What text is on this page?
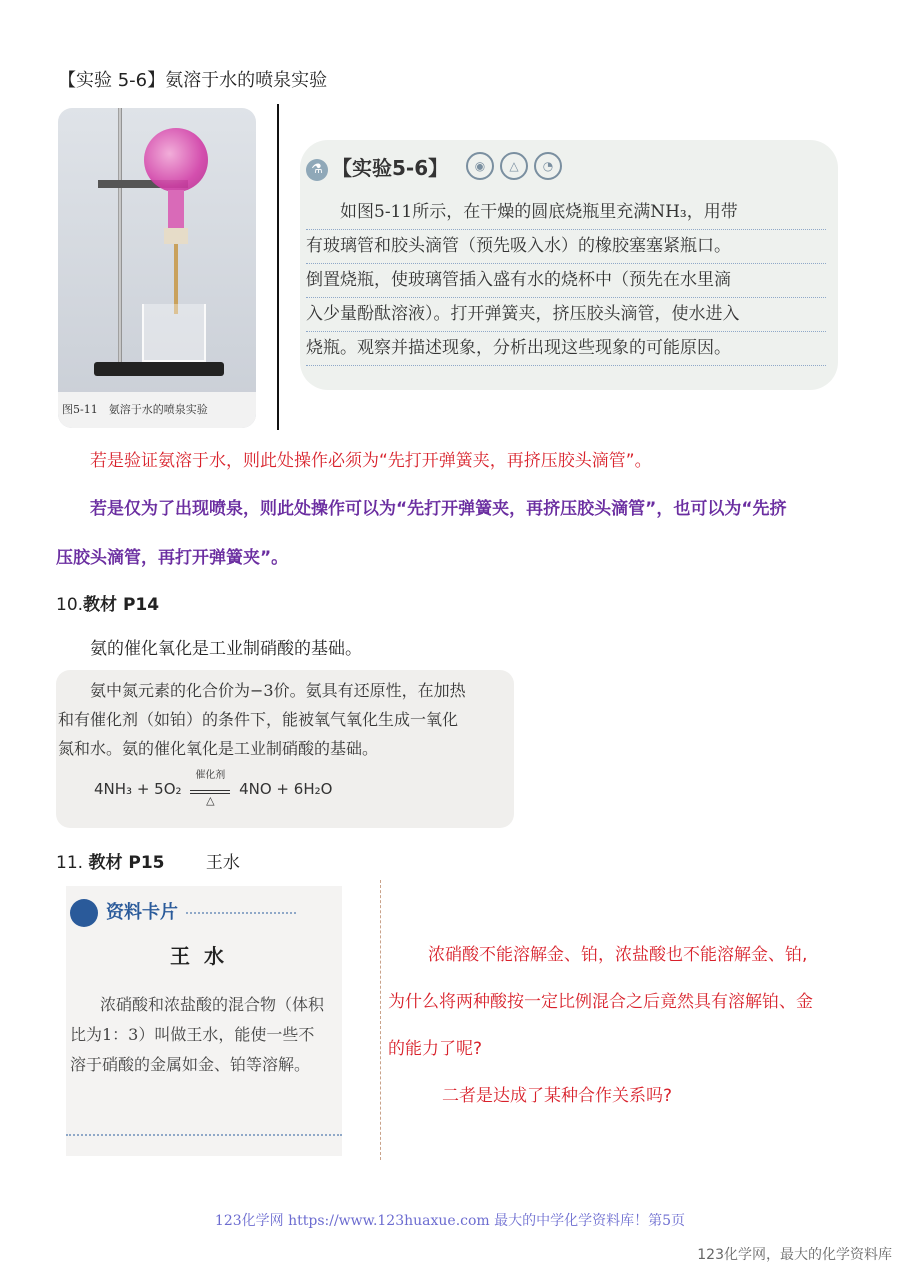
【实验 5-6】氨溶于水的喷泉实验
图5-11　氨溶于水的喷泉实验
⚗ 【实验5-6】	◉ △ ◔
如图5-11所示，在干燥的圆底烧瓶里充满NH₃，用带
有玻璃管和胶头滴管（预先吸入水）的橡胶塞塞紧瓶口。
倒置烧瓶，使玻璃管插入盛有水的烧杯中（预先在水里滴
入少量酚酞溶液）。打开弹簧夹，挤压胶头滴管，使水进入
烧瓶。观察并描述现象，分析出现这些现象的可能原因。
若是验证氨溶于水，则此处操作必须为“先打开弹簧夹，再挤压胶头滴管”。
若是仅为了出现喷泉，则此处操作可以为“先打开弹簧夹，再挤压胶头滴管”，也可以为“先挤
压胶头滴管，再打开弹簧夹”。
10.教材 P14
氨的催化氧化是工业制硝酸的基础。

氨中氮元素的化合价为−3价。氨具有还原性，在加热

和有催化剂（如铂）的条件下，能被氧气氧化生成一氧化

氮和水。氨的催化氧化是工业制硝酸的基础。

4NH₃ + 5O₂
催化剂
△
4NO + 6H₂O
11. 教材 P15 王水
资料卡片
王水
浓硝酸和浓盐酸的混合物（体积比为1：3）叫做王水，能使一些不溶于硝酸的金属如金、铂等溶解。

浓硝酸不能溶解金、铂，浓盐酸也不能溶解金、铂,

为什么将两种酸按一定比例混合之后竟然具有溶解铂、金

的能力了呢?

二者是达成了某种合作关系吗?

123化学网 https://www.123huaxue.com 最大的中学化学资料库！第5页
123化学网，最大的化学资料库
